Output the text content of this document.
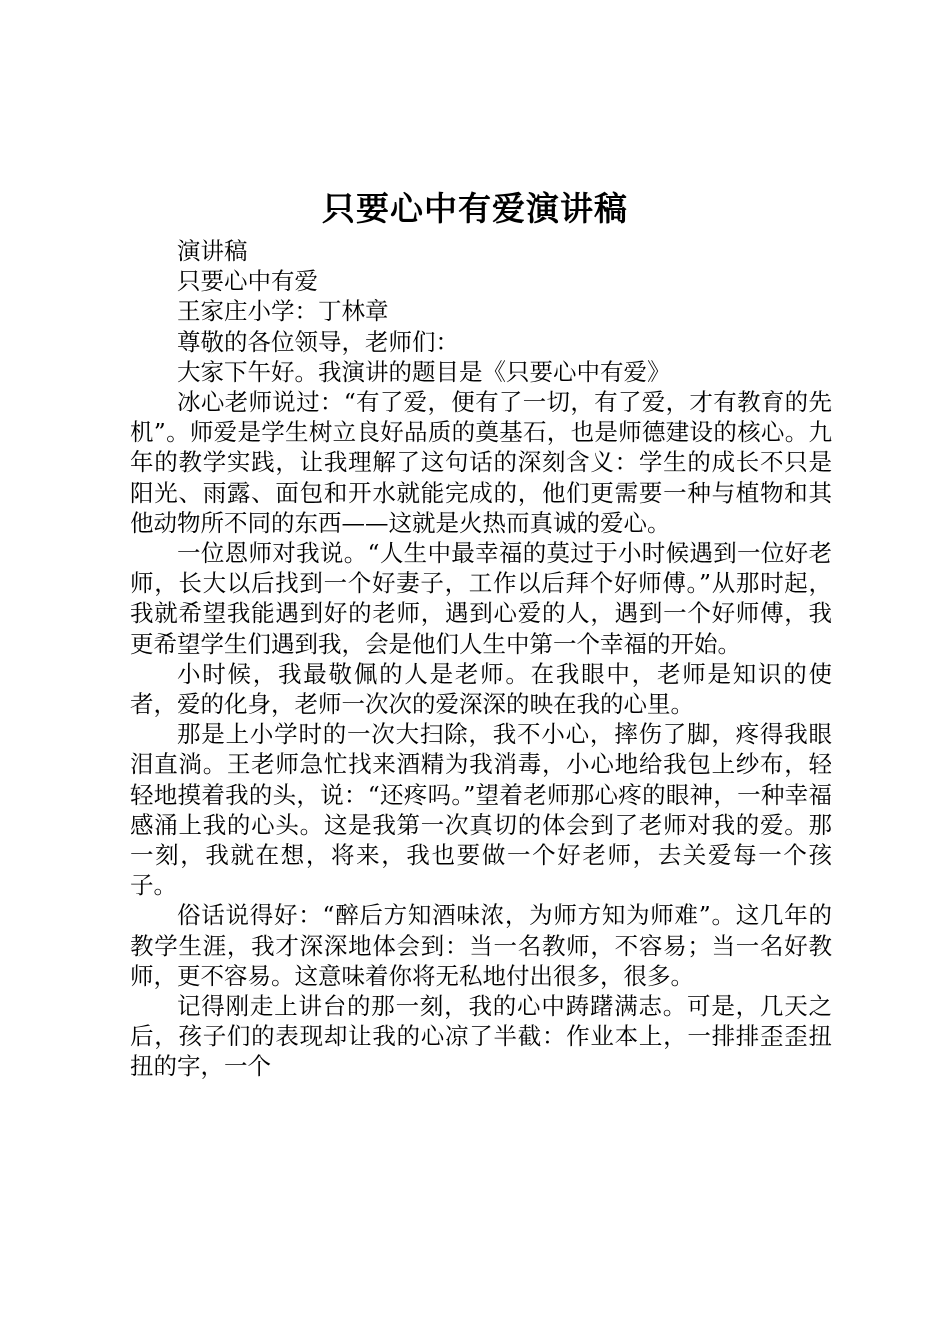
只要心中有爱演讲稿

演讲稿

只要心中有爱

王家庄小学：丁林章

尊敬的各位领导，老师们：

大家下午好。我演讲的题目是《只要心中有爱》

冰心老师说过：“有了爱，便有了一切，有了爱，才有教育的先机”。师爱是学生树立良好品质的奠基石，也是师德建设的核心。九年的教学实践，让我理解了这句话的深刻含义：学生的成长不只是阳光、雨露、面包和开水就能完成的，他们更需要一种与植物和其他动物所不同的东西——这就是火热而真诚的爱心。

一位恩师对我说。“人生中最幸福的莫过于小时候遇到一位好老师，长大以后找到一个好妻子，工作以后拜个好师傅。”从那时起，我就希望我能遇到好的老师，遇到心爱的人，遇到一个好师傅，我更希望学生们遇到我，会是他们人生中第一个幸福的开始。

小时候，我最敬佩的人是老师。在我眼中，老师是知识的使者，爱的化身，老师一次次的爱深深的映在我的心里。

那是上小学时的一次大扫除，我不小心，摔伤了脚，疼得我眼泪直淌。王老师急忙找来酒精为我消毒，小心地给我包上纱布，轻轻地摸着我的头，说：“还疼吗。”望着老师那心疼的眼神，一种幸福感涌上我的心头。这是我第一次真切的体会到了老师对我的爱。那一刻，我就在想，将来，我也要做一个好老师，去关爱每一个孩子。

俗话说得好：“醉后方知酒味浓，为师方知为师难”。这几年的教学生涯，我才深深地体会到：当一名教师，不容易；当一名好教师，更不容易。这意味着你将无私地付出很多，很多。

记得刚走上讲台的那一刻，我的心中踌躇满志。可是，几天之后，孩子们的表现却让我的心凉了半截：作业本上，一排排歪歪扭扭的字，一个
